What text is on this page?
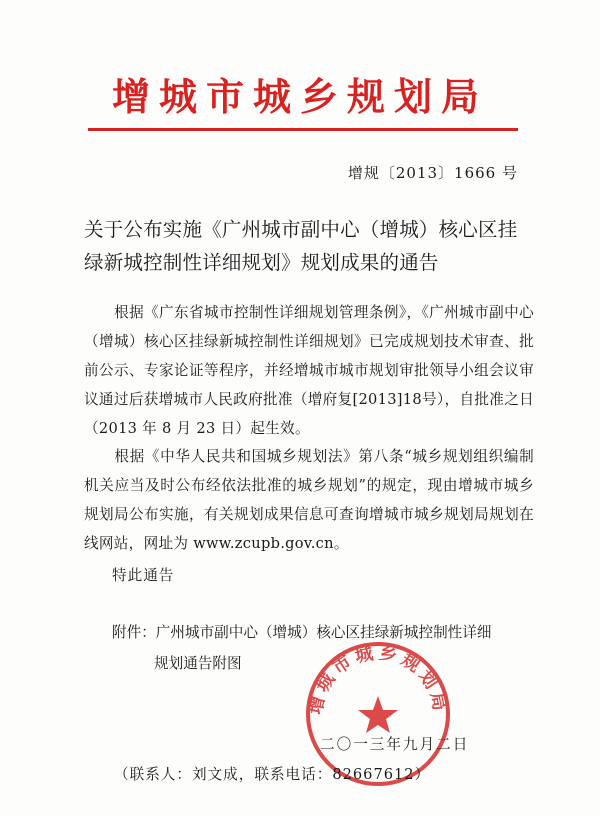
增城市城乡规划局
增规〔2013〕1666 号
关于公布实施《广州城市副中心（增城）核心区挂绿新城控制性详细规划》规划成果的通告
根据《广东省城市控制性详细规划管理条例》，《广州城市副中心（增城）核心区挂绿新城控制性详细规划》已完成规划技术审查、批前公示、专家论证等程序，并经增城市城市规划审批领导小组会议审议通过后获增城市人民政府批准（增府复[2013]18号），自批准之日（2013 年 8 月 23 日）起生效。
根据《中华人民共和国城乡规划法》第八条“城乡规划组织编制机关应当及时公布经依法批准的城乡规划”的规定，现由增城市城乡规划局公布实施，有关规划成果信息可查询增城市城乡规划局规划在线网站，网址为 www.zcupb.gov.cn。
特此通告
附件：广州城市副中心（增城）核心区挂绿新城控制性详细
规划通告附图
增城市城乡规划局
二〇一三年九月二日
（联系人：刘文成，联系电话：82667612）
